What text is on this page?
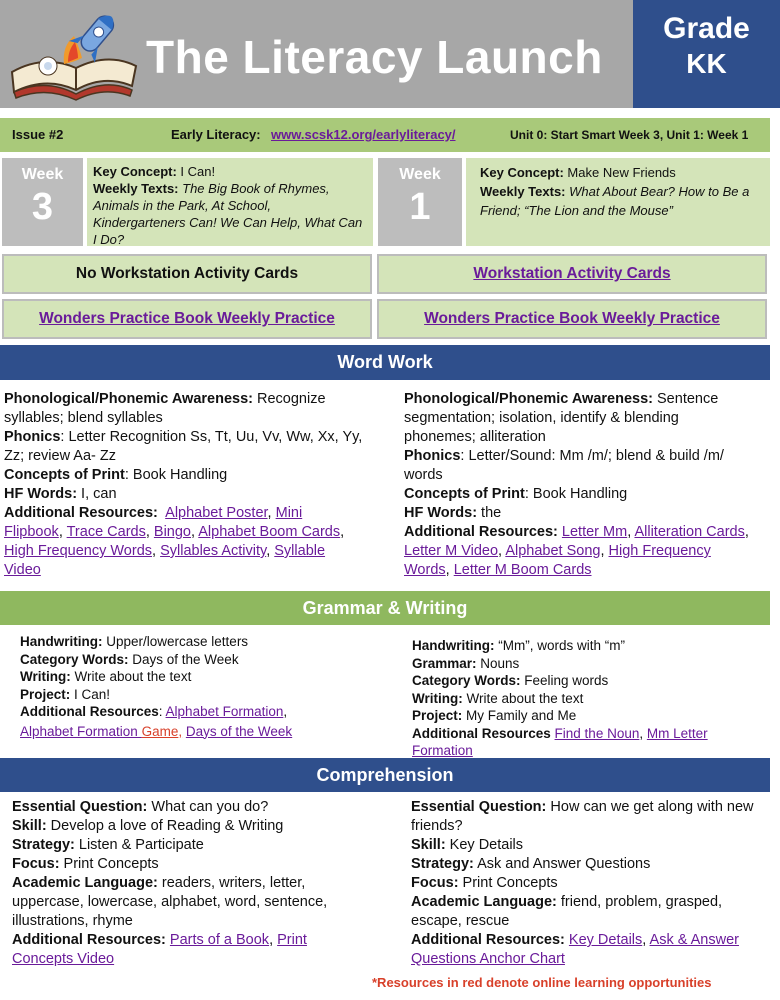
The Literacy Launch
Grade
KK
Issue #2	Early Literacy: www.scsk12.org/earlyliteracy/	Unit 0: Start Smart Week 3, Unit 1: Week 1
Week
3
Key Concept: I Can!
Weekly Texts: The Big Book of Rhymes, Animals in the Park, At School, Kindergarteners Can! We Can Help, What Can I Do?
Week
1
Key Concept: Make New Friends
Weekly Texts: What About Bear? How to Be a Friend; “The Lion and the Mouse”
No Workstation Activity Cards	Workstation Activity Cards
Wonders Practice Book Weekly Practice	Wonders Practice Book Weekly Practice
Word Work

Phonological/Phonemic Awareness: Recognize syllables; blend syllables

Phonics: Letter Recognition Ss, Tt, Uu, Vv, Ww, Xx, Yy, Zz; review Aa- Zz

Concepts of Print: Book Handling

HF Words: I, can

Additional Resources: Alphabet Poster, Mini Flipbook, Trace Cards, Bingo, Alphabet Boom Cards, High Frequency Words, Syllables Activity, Syllable Video

Phonological/Phonemic Awareness: Sentence segmentation; isolation, identify & blending phonemes; alliteration

Phonics: Letter/Sound: Mm /m/; blend & build /m/ words

Concepts of Print: Book Handling

HF Words: the

Additional Resources: Letter Mm, Alliteration Cards, Letter M Video, Alphabet Song, High Frequency Words, Letter M Boom Cards

Grammar & Writing

Handwriting: Upper/lowercase letters

Category Words: Days of the Week

Writing: Write about the text

Project: I Can!

Additional Resources: Alphabet Formation,

Alphabet Formation Game, Days of the Week

Handwriting: “Mm”, words with “m”

Grammar: Nouns

Category Words: Feeling words

Writing: Write about the text

Project: My Family and Me

Additional Resources Find the Noun, Mm Letter Formation

Comprehension

Essential Question: What can you do?

Skill: Develop a love of Reading & Writing

Strategy: Listen & Participate

Focus: Print Concepts

Academic Language: readers, writers, letter, uppercase, lowercase, alphabet, word, sentence, illustrations, rhyme

Additional Resources: Parts of a Book, Print Concepts Video

Essential Question: How can we get along with new friends?

Skill: Key Details

Strategy: Ask and Answer Questions

Focus: Print Concepts

Academic Language: friend, problem, grasped, escape, rescue

Additional Resources: Key Details, Ask & Answer Questions Anchor Chart

*Resources in red denote online learning opportunities
